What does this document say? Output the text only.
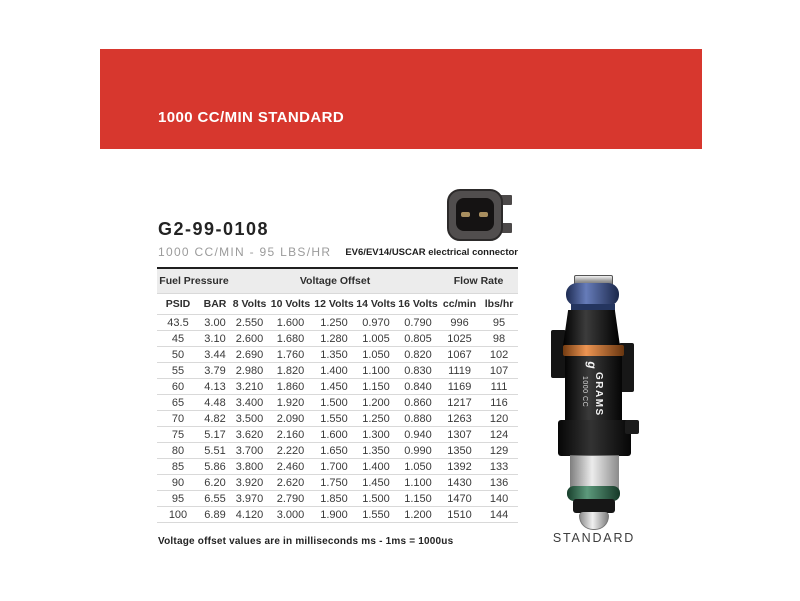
1000 CC/MIN STANDARD
G2-99-0108
1000 CC/MIN - 95 LBS/HR EV6/EV14/USCAR electrical connector
Fuel Pressure		Voltage Offset					Flow Rate	
PSID	BAR	8 Volts	10 Volts	12 Volts	14 Volts	16 Volts	cc/min	lbs/hr
43.5	3.00	2.550	1.600	1.250	0.970	0.790	996	95
45	3.10	2.600	1.680	1.280	1.005	0.805	1025	98
50	3.44	2.690	1.760	1.350	1.050	0.820	1067	102
55	3.79	2.980	1.820	1.400	1.100	0.830	1119	107
60	4.13	3.210	1.860	1.450	1.150	0.840	1169	111
65	4.48	3.400	1.920	1.500	1.200	0.860	1217	116
70	4.82	3.500	2.090	1.550	1.250	0.880	1263	120
75	5.17	3.620	2.160	1.600	1.300	0.940	1307	124
80	5.51	3.700	2.220	1.650	1.350	0.990	1350	129
85	5.86	3.800	2.460	1.700	1.400	1.050	1392	133
90	6.20	3.920	2.620	1.750	1.450	1.100	1430	136
95	6.55	3.970	2.790	1.850	1.500	1.150	1470	140
100	6.89	4.120	3.000	1.900	1.550	1.200	1510	144
Voltage offset values are in milliseconds ms - 1ms = 1000us
g
GRAMS
1000 CC
STANDARD
